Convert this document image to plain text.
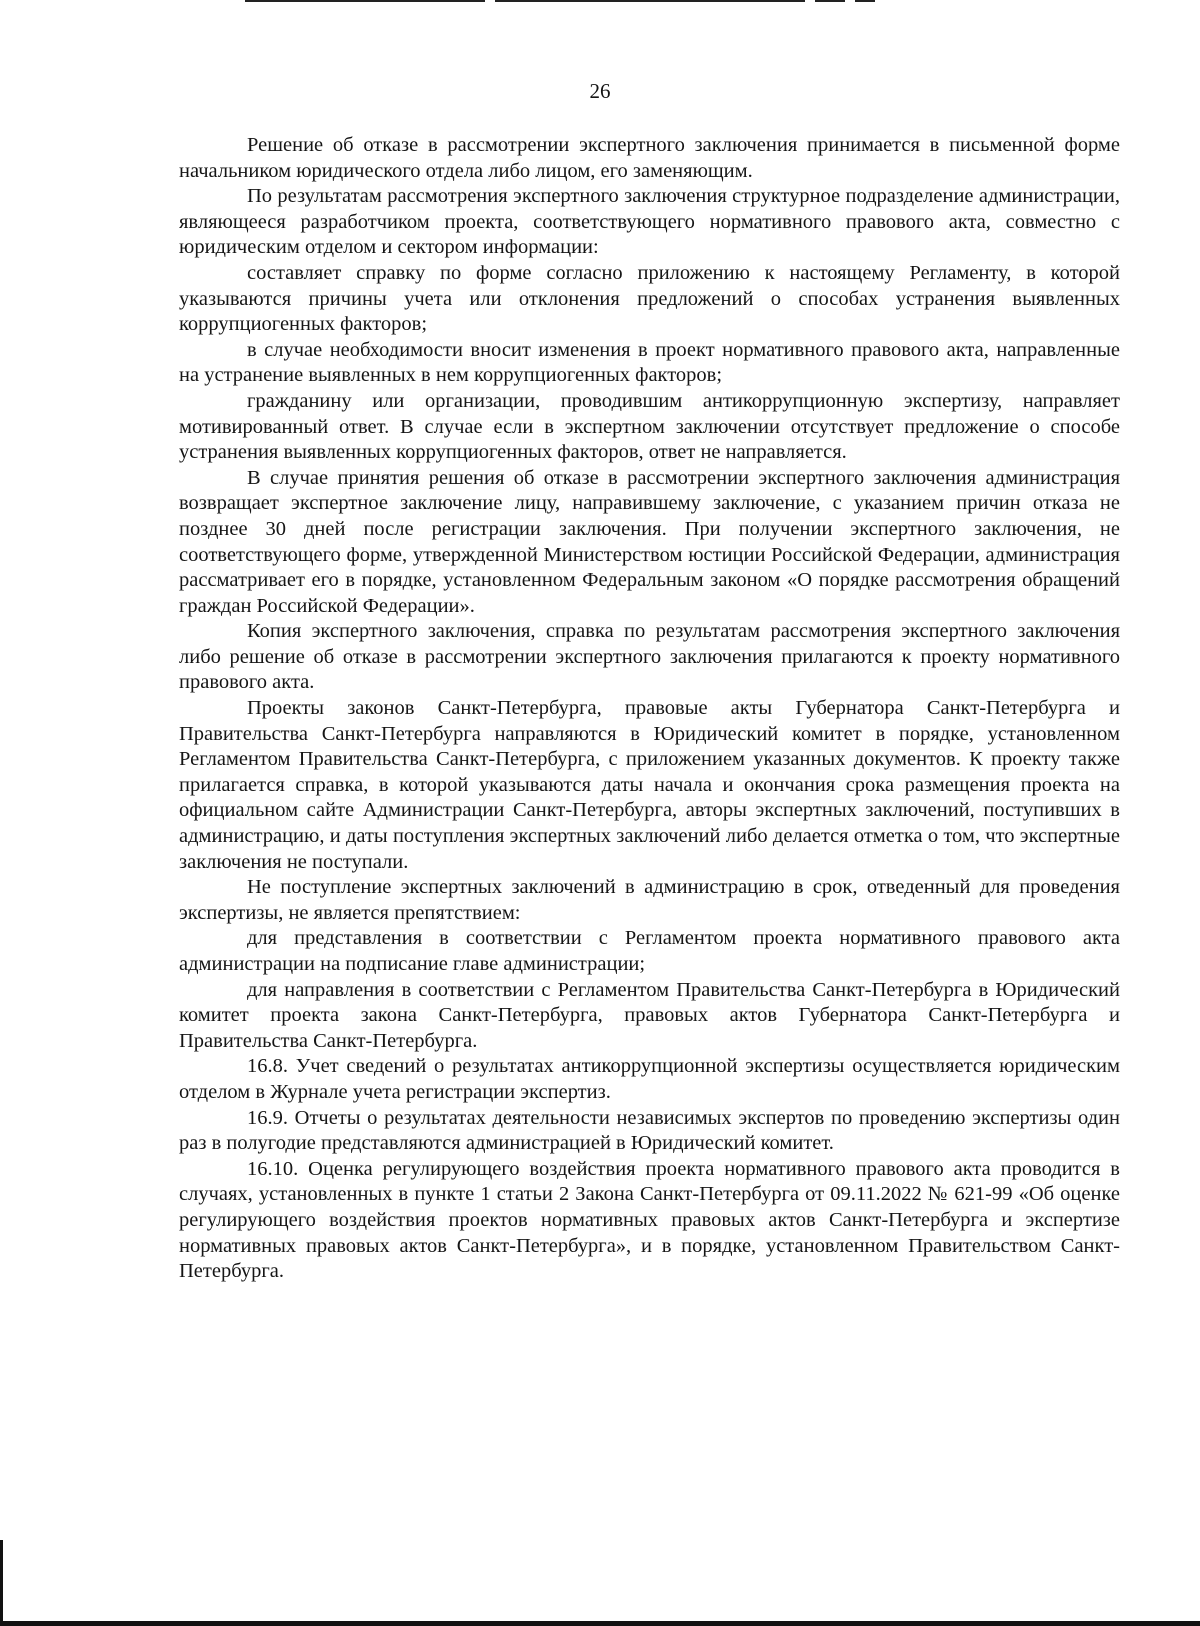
26

Решение об отказе в рассмотрении экспертного заключения принимается в письменной форме начальником юридического отдела либо лицом, его заменяющим.

По результатам рассмотрения экспертного заключения структурное подразделение администрации, являющееся разработчиком проекта, соответствующего нормативного правового акта, совместно с юридическим отделом и сектором информации:

составляет справку по форме согласно приложению к настоящему Регламенту, в которой указываются причины учета или отклонения предложений о способах устранения выявленных коррупциогенных факторов;

в случае необходимости вносит изменения в проект нормативного правового акта, направленные на устранение выявленных в нем коррупциогенных факторов;

гражданину или организации, проводившим антикоррупционную экспертизу, направляет мотивированный ответ. В случае если в экспертном заключении отсутствует предложение о способе устранения выявленных коррупциогенных факторов, ответ не направляется.

В случае принятия решения об отказе в рассмотрении экспертного заключения администрация возвращает экспертное заключение лицу, направившему заключение, с указанием причин отказа не позднее 30 дней после регистрации заключения. При получении экспертного заключения, не соответствующего форме, утвержденной Министерством юстиции Российской Федерации, администрация рассматривает его в порядке, установленном Федеральным законом «О порядке рассмотрения обращений граждан Российской Федерации».

Копия экспертного заключения, справка по результатам рассмотрения экспертного заключения либо решение об отказе в рассмотрении экспертного заключения прилагаются к проекту нормативного правового акта.

Проекты законов Санкт-Петербурга, правовые акты Губернатора Санкт-Петербурга и Правительства Санкт-Петербурга направляются в Юридический комитет в порядке, установленном Регламентом Правительства Санкт-Петербурга, с приложением указанных документов. К проекту также прилагается справка, в которой указываются даты начала и окончания срока размещения проекта на официальном сайте Администрации Санкт-Петербурга, авторы экспертных заключений, поступивших в администрацию, и даты поступления экспертных заключений либо делается отметка о том, что экспертные заключения не поступали.

Не поступление экспертных заключений в администрацию в срок, отведенный для проведения экспертизы, не является препятствием:

для представления в соответствии с Регламентом проекта нормативного правового акта администрации на подписание главе администрации;

для направления в соответствии с Регламентом Правительства Санкт-Петербурга в Юридический комитет проекта закона Санкт-Петербурга, правовых актов Губернатора Санкт-Петербурга и Правительства Санкт-Петербурга.

16.8. Учет сведений о результатах антикоррупционной экспертизы осуществляется юридическим отделом в Журнале учета регистрации экспертиз.

16.9. Отчеты о результатах деятельности независимых экспертов по проведению экспертизы один раз в полугодие представляются администрацией в Юридический комитет.

16.10. Оценка регулирующего воздействия проекта нормативного правового акта проводится в случаях, установленных в пункте 1 статьи 2 Закона Санкт-Петербурга от 09.11.2022 № 621-99 «Об оценке регулирующего воздействия проектов нормативных правовых актов Санкт-Петербурга и экспертизе нормативных правовых актов Санкт-Петербурга», и в порядке, установленном Правительством Санкт-Петербурга.
